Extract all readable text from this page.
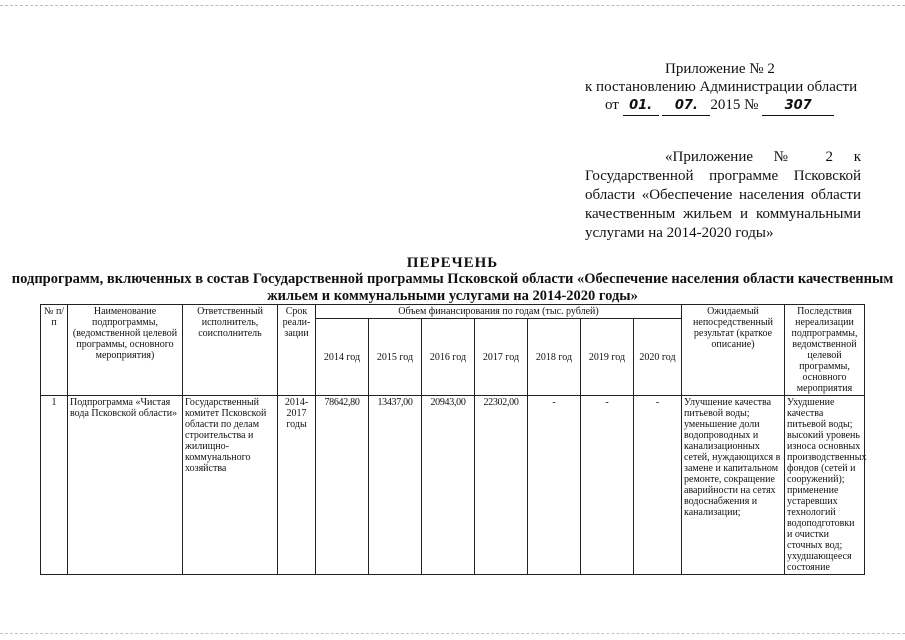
Приложение № 2
к постановлению Администрации области
от 01. 07. 2015 № 307
«Приложение № 2 к Государственной программе Псковской области «Обеспечение населения области качественным жильем и коммунальными услугами на 2014-2020 годы»
ПЕРЕЧЕНЬ
подпрограмм, включенных в состав Государственной программы Псковской области «Обеспечение населения области качественным жильем и коммунальными услугами на 2014-2020 годы»
№ п/п	Наименование подпрограммы, (ведомственной целевой программы, основного мероприятия)	Ответственный исполнитель, соисполнитель	Срок реали-зации	Объем финансирования по годам (тыс. рублей)							Ожидаемый непосредственный результат (краткое описание)	Последствия нереализации подпрограммы, ведомственной целевой программы, основного мероприятия
				2014 год	2015 год	2016 год	2017 год	2018 год	2019 год	2020 год		
1	Подпрограмма «Чистая вода Псковской области»	Государственный комитет Псковской области по делам строительства и жилищно-коммунального хозяйства	2014-2017 годы	78642,80	13437,00	20943,00	22302,00	-	-	-	Улучшение качества питьевой воды; уменьшение доли водопроводных и канализационных сетей, нуждающихся в замене и капитальном ремонте, сокращение аварийности на сетях водоснабжения и канализации;	Ухудшение качества питьевой воды; высокий уровень износа основных производственных фондов (сетей и сооружений); применение устаревших технологий водоподготовки и очистки сточных вод; ухудшающееся состояние
